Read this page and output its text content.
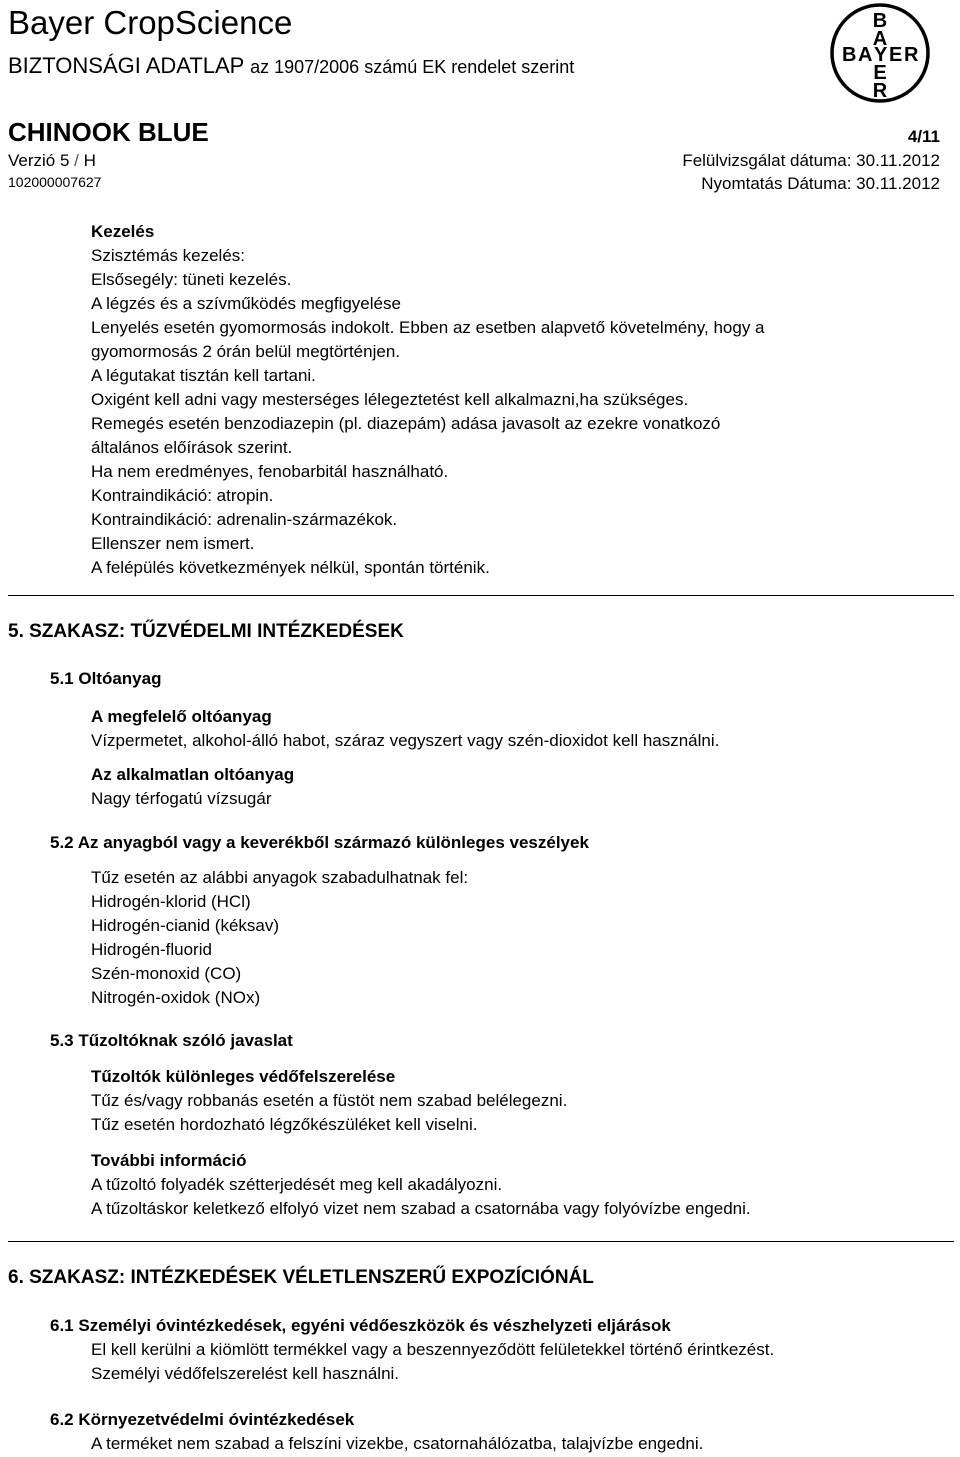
Bayer CropScience
BIZTONSÁGI ADATLAP az 1907/2006 számú EK rendelet szerint
CHINOOK BLUE
Verzió 5 / H
102000007627
4/11
Felülvizsgálat dátuma: 30.11.2012
Nyomtatás Dátuma: 30.11.2012
B
A
B A Y E R
E
R
Kezelés
Szisztémás kezelés:
Elsősegély: tüneti kezelés.
A légzés és a szívműködés megfigyelése
Lenyelés esetén gyomormosás indokolt. Ebben az esetben alapvető követelmény, hogy a
gyomormosás 2 órán belül megtörténjen.
A légutakat tisztán kell tartani.
Oxigént kell adni vagy mesterséges lélegeztetést kell alkalmazni,ha szükséges.
Remegés esetén benzodiazepin (pl. diazepám) adása javasolt az ezekre vonatkozó
általános előírások szerint.
Ha nem eredményes, fenobarbitál használható.
Kontraindikáció: atropin.
Kontraindikáció: adrenalin-származékok.
Ellenszer nem ismert.
A felépülés következmények nélkül, spontán történik.
5. SZAKASZ: TŰZVÉDELMI INTÉZKEDÉSEK
5.1 Oltóanyag
A megfelelő oltóanyag
Vízpermetet, alkohol-álló habot, száraz vegyszert vagy szén-dioxidot kell használni.
Az alkalmatlan oltóanyag
Nagy térfogatú vízsugár
5.2 Az anyagból vagy a keverékből származó különleges veszélyek
Tűz esetén az alábbi anyagok szabadulhatnak fel:
Hidrogén-klorid (HCl)
Hidrogén-cianid (kéksav)
Hidrogén-fluorid
Szén-monoxid (CO)
Nitrogén-oxidok (NOx)
5.3 Tűzoltóknak szóló javaslat
Tűzoltók különleges védőfelszerelése
Tűz és/vagy robbanás esetén a füstöt nem szabad belélegezni.
Tűz esetén hordozható légzőkészüléket kell viselni.
További információ
A tűzoltó folyadék szétterjedését meg kell akadályozni.
A tűzoltáskor keletkező elfolyó vizet nem szabad a csatornába vagy folyóvízbe engedni.
6. SZAKASZ: INTÉZKEDÉSEK VÉLETLENSZERŰ EXPOZÍCIÓNÁL
6.1 Személyi óvintézkedések, egyéni védőeszközök és vészhelyzeti eljárások
El kell kerülni a kiömlött termékkel vagy a beszennyeződött felületekkel történő érintkezést.
Személyi védőfelszerelést kell használni.
6.2 Környezetvédelmi óvintézkedések
A terméket nem szabad a felszíni vizekbe, csatornahálózatba, talajvízbe engedni.
